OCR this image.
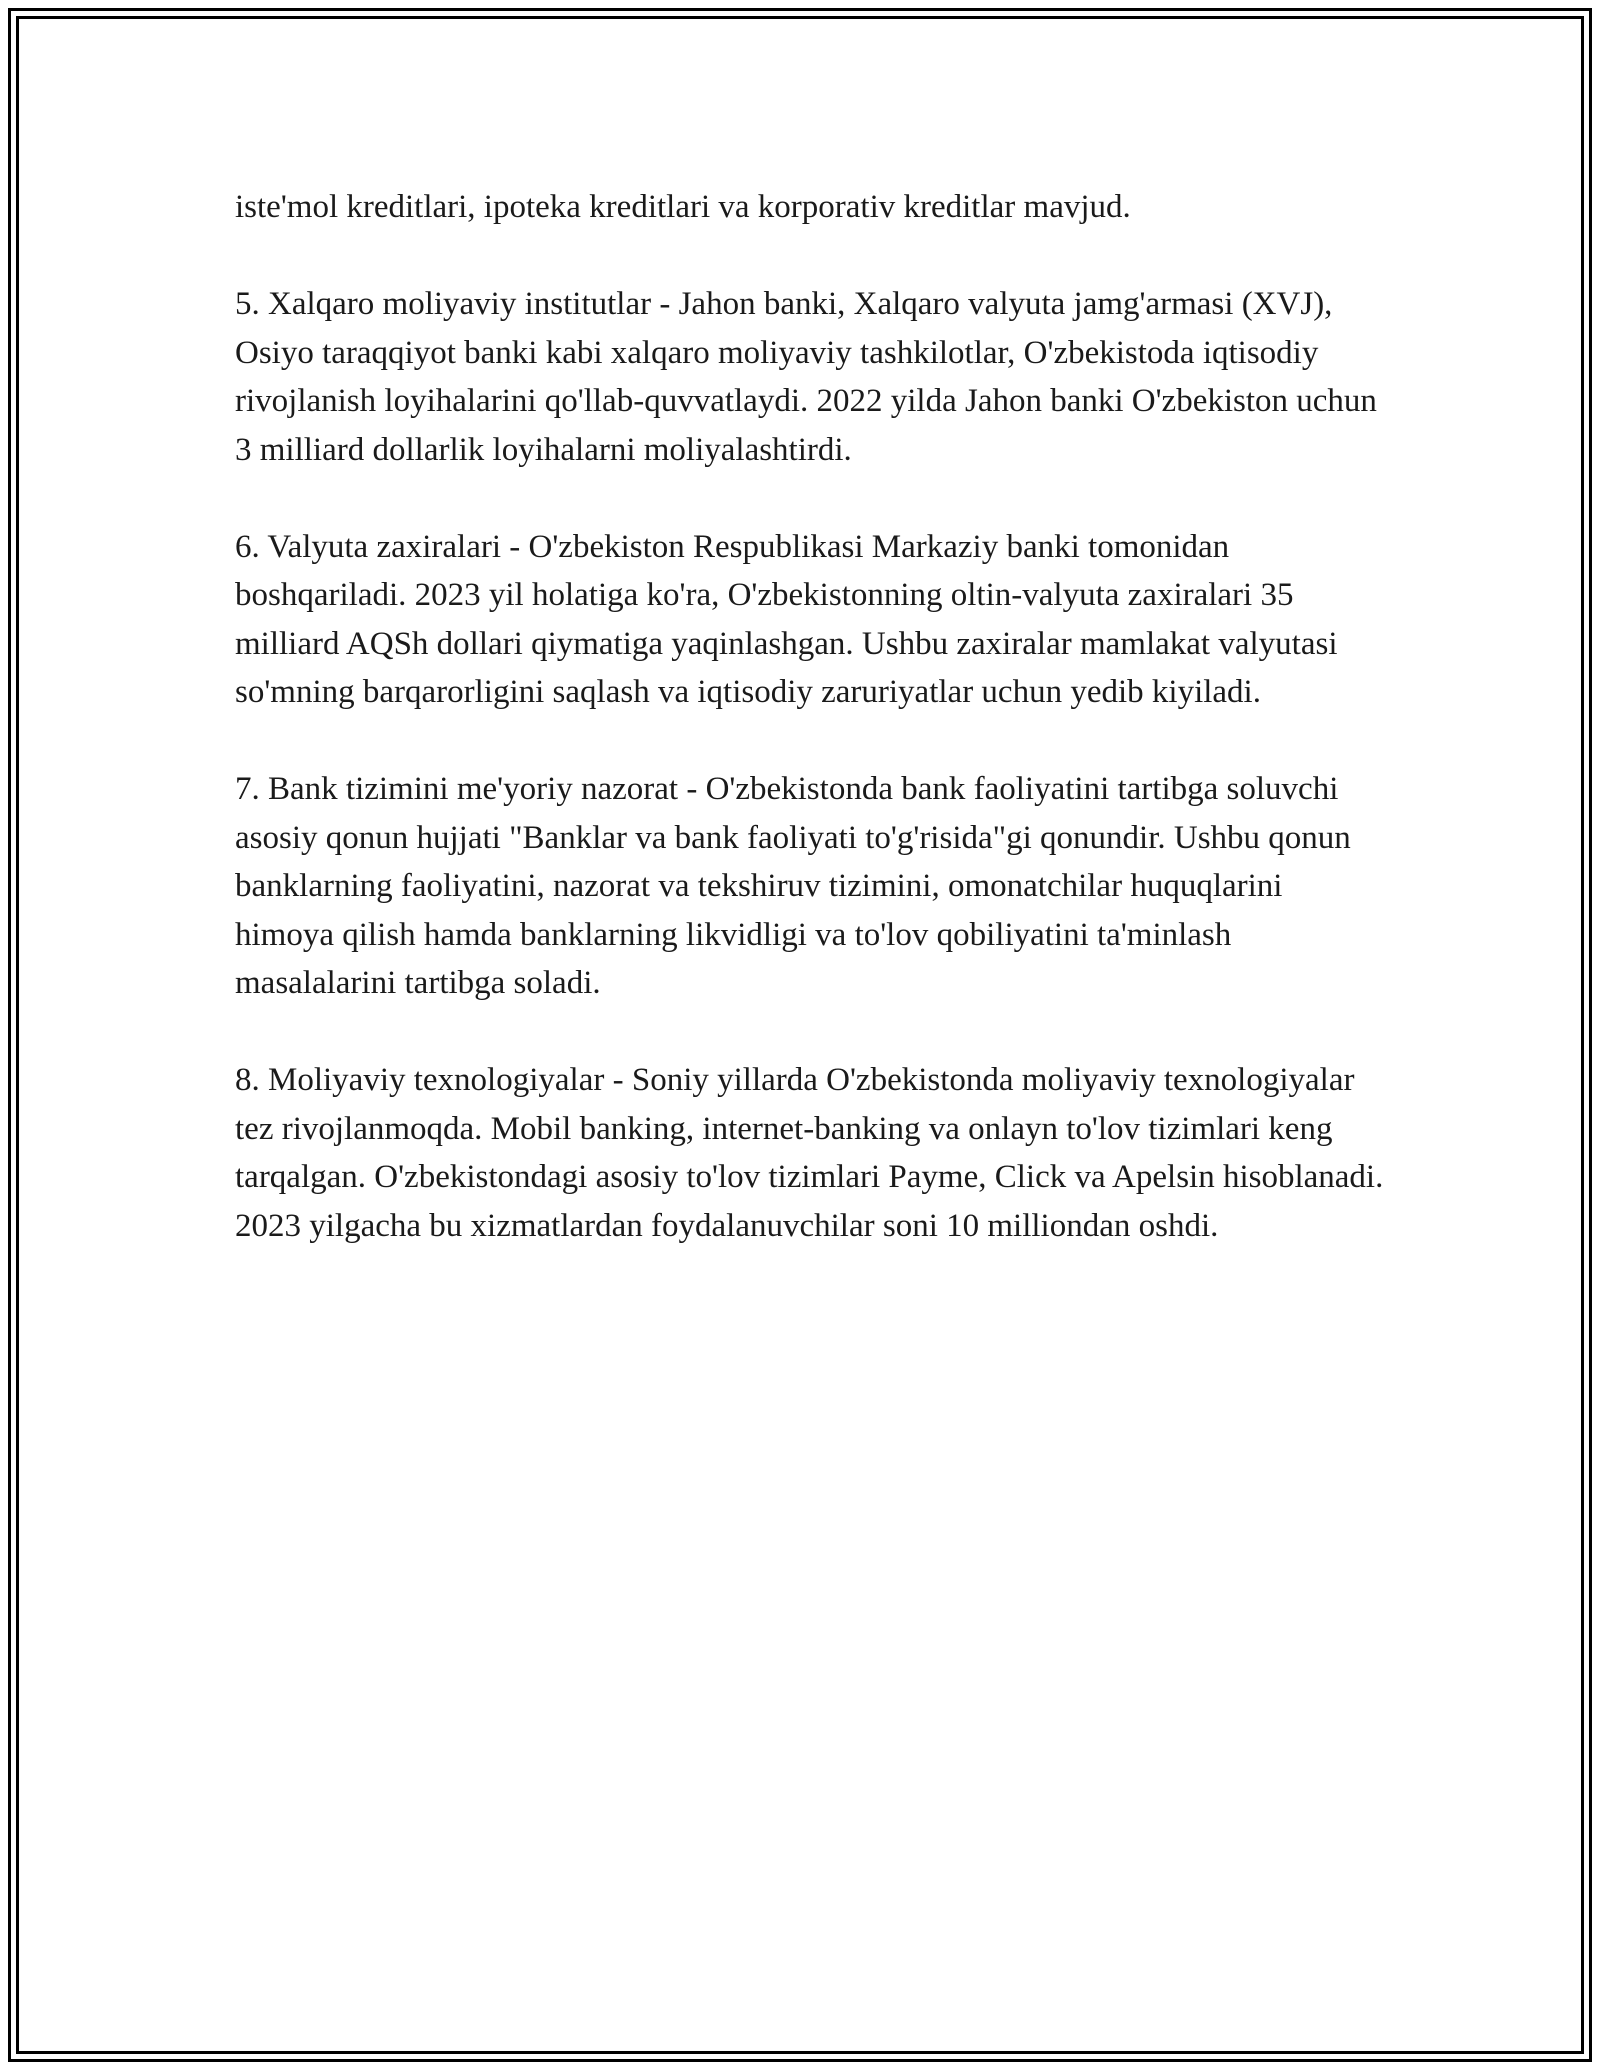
iste'mol kreditlari, ipoteka kreditlari va korporativ kreditlar mavjud.

5. Xalqaro moliyaviy institutlar - Jahon banki, Xalqaro valyuta jamg'armasi (XVJ), Osiyo taraqqiyot banki kabi xalqaro moliyaviy tashkilotlar, O'zbekistoda iqtisodiy rivojlanish loyihalarini qo'llab-quvvatlaydi. 2022 yilda Jahon banki O'zbekiston uchun 3 milliard dollarlik loyihalarni moliyalashtirdi.

6. Valyuta zaxiralari - O'zbekiston Respublikasi Markaziy banki tomonidan boshqariladi. 2023 yil holatiga ko'ra, O'zbekistonning oltin-valyuta zaxiralari 35 milliard AQSh dollari qiymatiga yaqinlashgan. Ushbu zaxiralar mamlakat valyutasi so'mning barqarorligini saqlash va iqtisodiy zaruriyatlar uchun yedib kiyiladi.

7. Bank tizimini me'yoriy nazorat - O'zbekistonda bank faoliyatini tartibga soluvchi asosiy qonun hujjati "Banklar va bank faoliyati to'g'risida"gi qonundir. Ushbu qonun banklarning faoliyatini, nazorat va tekshiruv tizimini, omonatchilar huquqlarini himoya qilish hamda banklarning likvidligi va to'lov qobiliyatini ta'minlash masalalarini tartibga soladi.

8. Moliyaviy texnologiyalar - Soniy yillarda O'zbekistonda moliyaviy texnologiyalar tez rivojlanmoqda. Mobil banking, internet-banking va onlayn to'lov tizimlari keng tarqalgan. O'zbekistondagi asosiy to'lov tizimlari Payme, Click va Apelsin hisoblanadi. 2023 yilgacha bu xizmatlardan foydalanuvchilar soni 10 milliondan oshdi.
